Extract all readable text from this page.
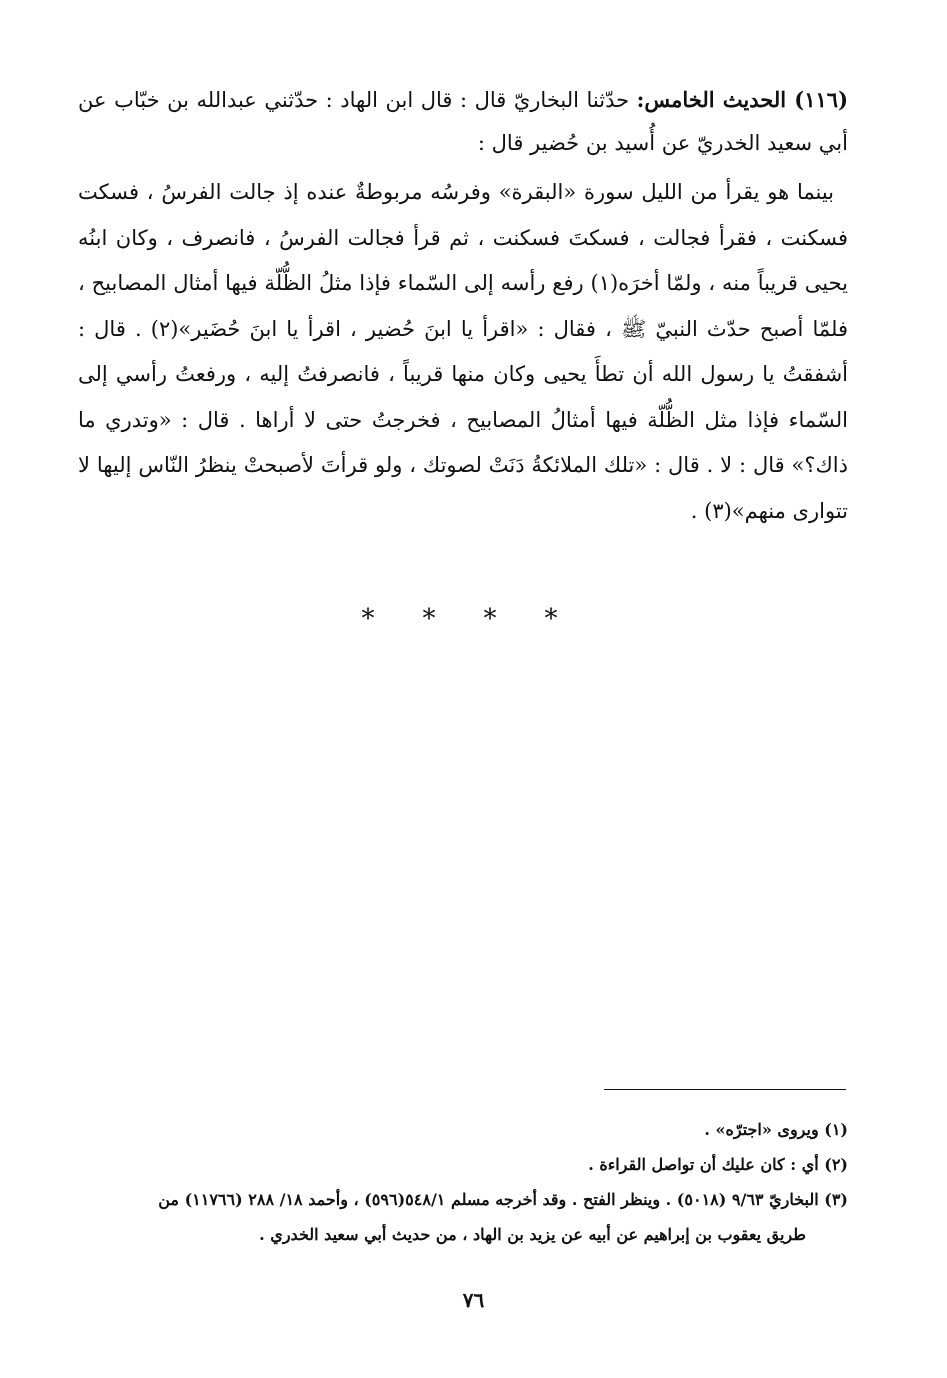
(١١٦) الحديث الخامس: حدّثنا البخاريّ قال : قال ابن الهاد : حدّثني عبدالله بن خبّاب عن أبي سعيد الخدريّ عن أُسيد بن حُضير قال :
بينما هو يقرأ من الليل سورة «البقرة» وفرسُه مربوطةٌ عنده إذ جالت الفرسُ ، فسكت فسكنت ، فقرأ فجالت ، فسكتَ فسكنت ، ثم قرأ فجالت الفرسُ ، فانصرف ، وكان ابنُه يحيى قريباً منه ، ولمّا أخرَه(١) رفع رأسه إلى السّماء فإذا مثلُ الظُّلّة فيها أمثال المصابيح ، فلمّا أصبح حدّث النبيّ ﷺ ، فقال : «اقرأ يا ابنَ حُضير ، اقرأ يا ابنَ حُضَير»(٢) . قال : أشفقتُ يا رسول الله أن تطأَ يحيى وكان منها قريباً ، فانصرفتُ إليه ، ورفعتُ رأسي إلى السّماء فإذا مثل الظُّلّة فيها أمثالُ المصابيح ، فخرجتُ حتى لا أراها . قال : «وتدري ما ذاك؟» قال : لا . قال : «تلك الملائكةُ دَنَتْ لصوتك ، ولو قرأتَ لأصبحتْ ينظرُ النّاس إليها لا تتوارى منهم»(٣) .
* * * *
(١) ويروى «اجترّه» .
(٢) أي : كان عليك أن تواصل القراءة .
(٣) البخاريّ ٩/٦٣ (٥٠١٨) . وينظر الفتح . وقد أخرجه مسلم ٥٤٨/١(٥٩٦) ، وأحمد ١٨/ ٢٨٨ (١١٧٦٦) من
طريق يعقوب بن إبراهيم عن أبيه عن يزيد بن الهاد ، من حديث أبي سعيد الخدري .
٧٦
